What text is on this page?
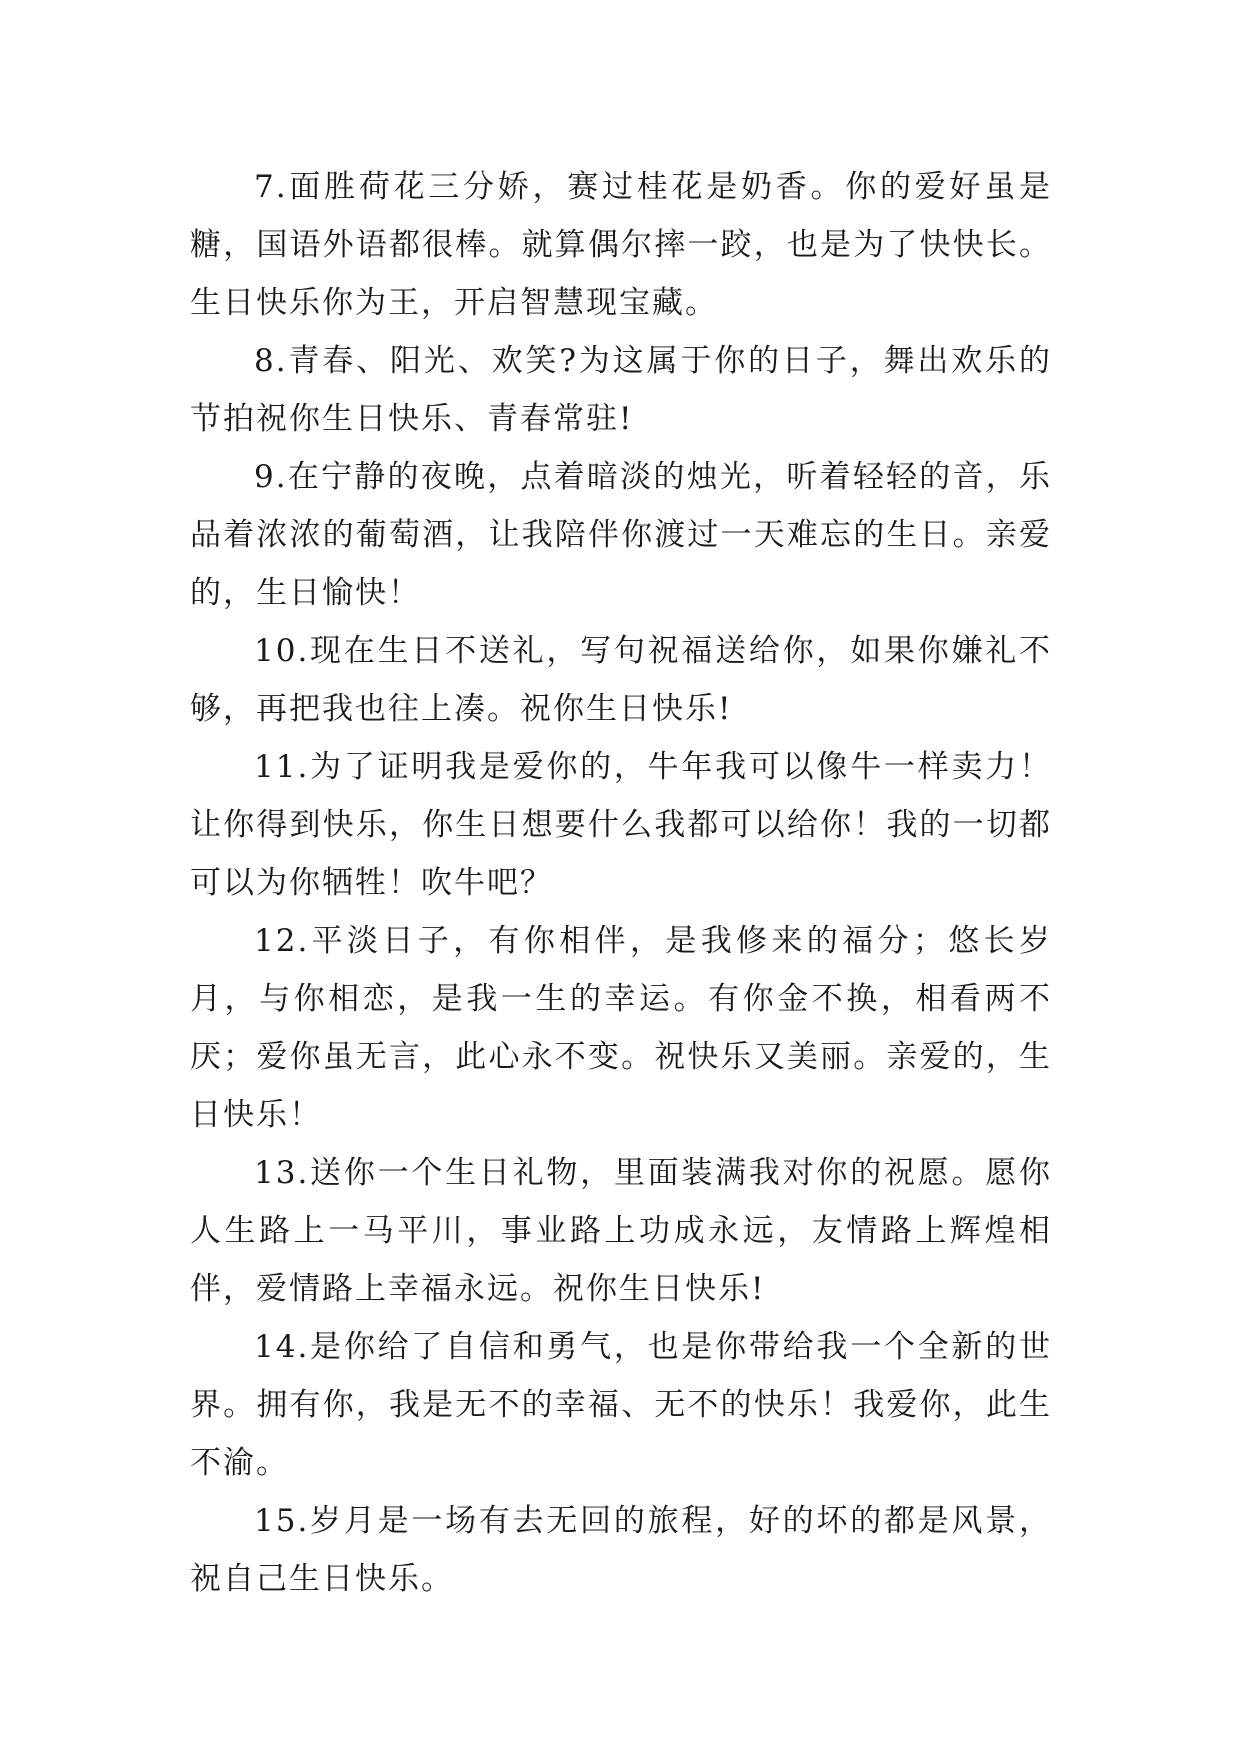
7.面胜荷花三分娇，赛过桂花是奶香。你的爱好虽是糖，国语外语都很棒。就算偶尔摔一跤，也是为了快快长。生日快乐你为王，开启智慧现宝藏。

8.青春、阳光、欢笑?为这属于你的日子，舞出欢乐的节拍祝你生日快乐、青春常驻!

9.在宁静的夜晚，点着暗淡的烛光，听着轻轻的音，乐品着浓浓的葡萄酒，让我陪伴你渡过一天难忘的生日。亲爱的，生日愉快！

10.现在生日不送礼，写句祝福送给你，如果你嫌礼不够，再把我也往上凑。祝你生日快乐!

11.为了证明我是爱你的，牛年我可以像牛一样卖力！让你得到快乐，你生日想要什么我都可以给你！我的一切都可以为你牺牲！吹牛吧？

12.平淡日子，有你相伴，是我修来的福分；悠长岁月，与你相恋，是我一生的幸运。有你金不换，相看两不厌；爱你虽无言，此心永不变。祝快乐又美丽。亲爱的，生日快乐！

13.送你一个生日礼物，里面装满我对你的祝愿。愿你人生路上一马平川，事业路上功成永远，友情路上辉煌相伴，爱情路上幸福永远。祝你生日快乐!

14.是你给了自信和勇气，也是你带给我一个全新的世界。拥有你，我是无不的幸福、无不的快乐！我爱你，此生不渝。

15.岁月是一场有去无回的旅程，好的坏的都是风景，祝自己生日快乐。
